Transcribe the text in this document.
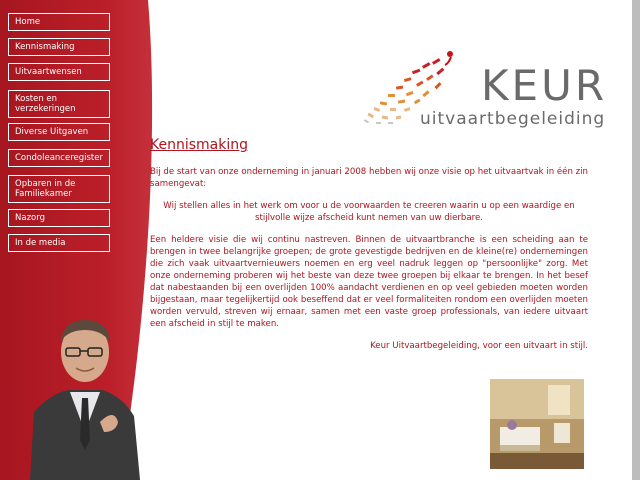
Home
Kennismaking
Uitvaartwensen
Kosten en verzekeringen
Diverse Uitgaven
Condoleanceregister
Opbaren in de Familiekamer
Nazorg
In de media
KEUR
uitvaartbegeleiding
Kennismaking

Bij de start van onze onderneming in januari 2008 hebben wij onze visie op het uitvaartvak in één zin samengevat:

Wij stellen alles in het werk om voor u de voorwaarden te creeren waarin u op een waardige en stijlvolle wijze afscheid kunt nemen van uw dierbare.

Een heldere visie die wij continu nastreven. Binnen de uitvaartbranche is een scheiding aan te brengen in twee belangrijke groepen; de grote gevestigde bedrijven en de kleine(re) ondernemingen die zich vaak uitvaartvernieuwers noemen en erg veel nadruk leggen op "persoonlijke" zorg. Met onze onderneming proberen wij het beste van deze twee groepen bij elkaar te brengen. In het besef dat nabestaanden bij een overlijden 100% aandacht verdienen en op veel gebieden moeten worden bijgestaan, maar tegelijkertijd ook beseffend dat er veel formaliteiten rondom een overlijden moeten worden vervuld, streven wij ernaar, samen met een vaste groep professionals, van iedere uitvaart een afscheid in stijl te maken.

Keur Uitvaartbegeleiding, voor een uitvaart in stijl.
